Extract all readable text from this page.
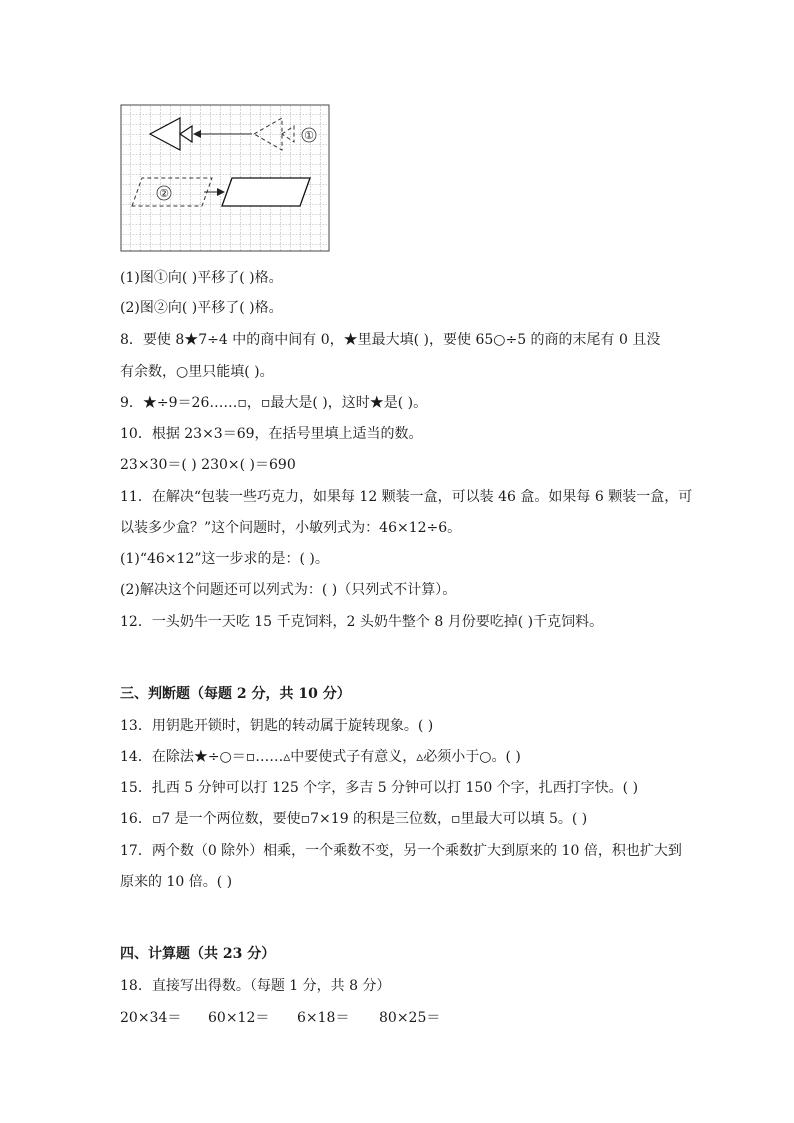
①
②
(1)图①向( )平移了( )格。
(2)图②向( )平移了( )格。
8．要使 8★7÷4 中的商中间有 0，★里最大填( )，要使 65○÷5 的商的末尾有 0 且没
有余数，○里只能填( )。
9．★÷9＝26……▫，▫最大是( )，这时★是( )。
10．根据 23×3＝69，在括号里填上适当的数。
23×30＝( ) 230×( )＝690
11．在解决“包装一些巧克力，如果每 12 颗装一盒，可以装 46 盒。如果每 6 颗装一盒，可
以装多少盒？”这个问题时，小敏列式为：46×12÷6。
(1)“46×12”这一步求的是：( )。
(2)解决这个问题还可以列式为：( )（只列式不计算）。
12．一头奶牛一天吃 15 千克饲料，2 头奶牛整个 8 月份要吃掉( )千克饲料。
三、判断题（每题 2 分，共 10 分）
13．用钥匙开锁时，钥匙的转动属于旋转现象。( )
14．在除法★÷○＝▫……▵中要使式子有意义，▵必须小于○。( )
15．扎西 5 分钟可以打 125 个字，多吉 5 分钟可以打 150 个字，扎西打字快。( )
16．▫7 是一个两位数，要使▫7×19 的积是三位数，▫里最大可以填 5。( )
17．两个数（0 除外）相乘，一个乘数不变，另一个乘数扩大到原来的 10 倍，积也扩大到
原来的 10 倍。( )
四、计算题（共 23 分）
18．直接写出得数。（每题 1 分，共 8 分）
20×34＝ 60×12＝ 6×18＝ 80×25＝
